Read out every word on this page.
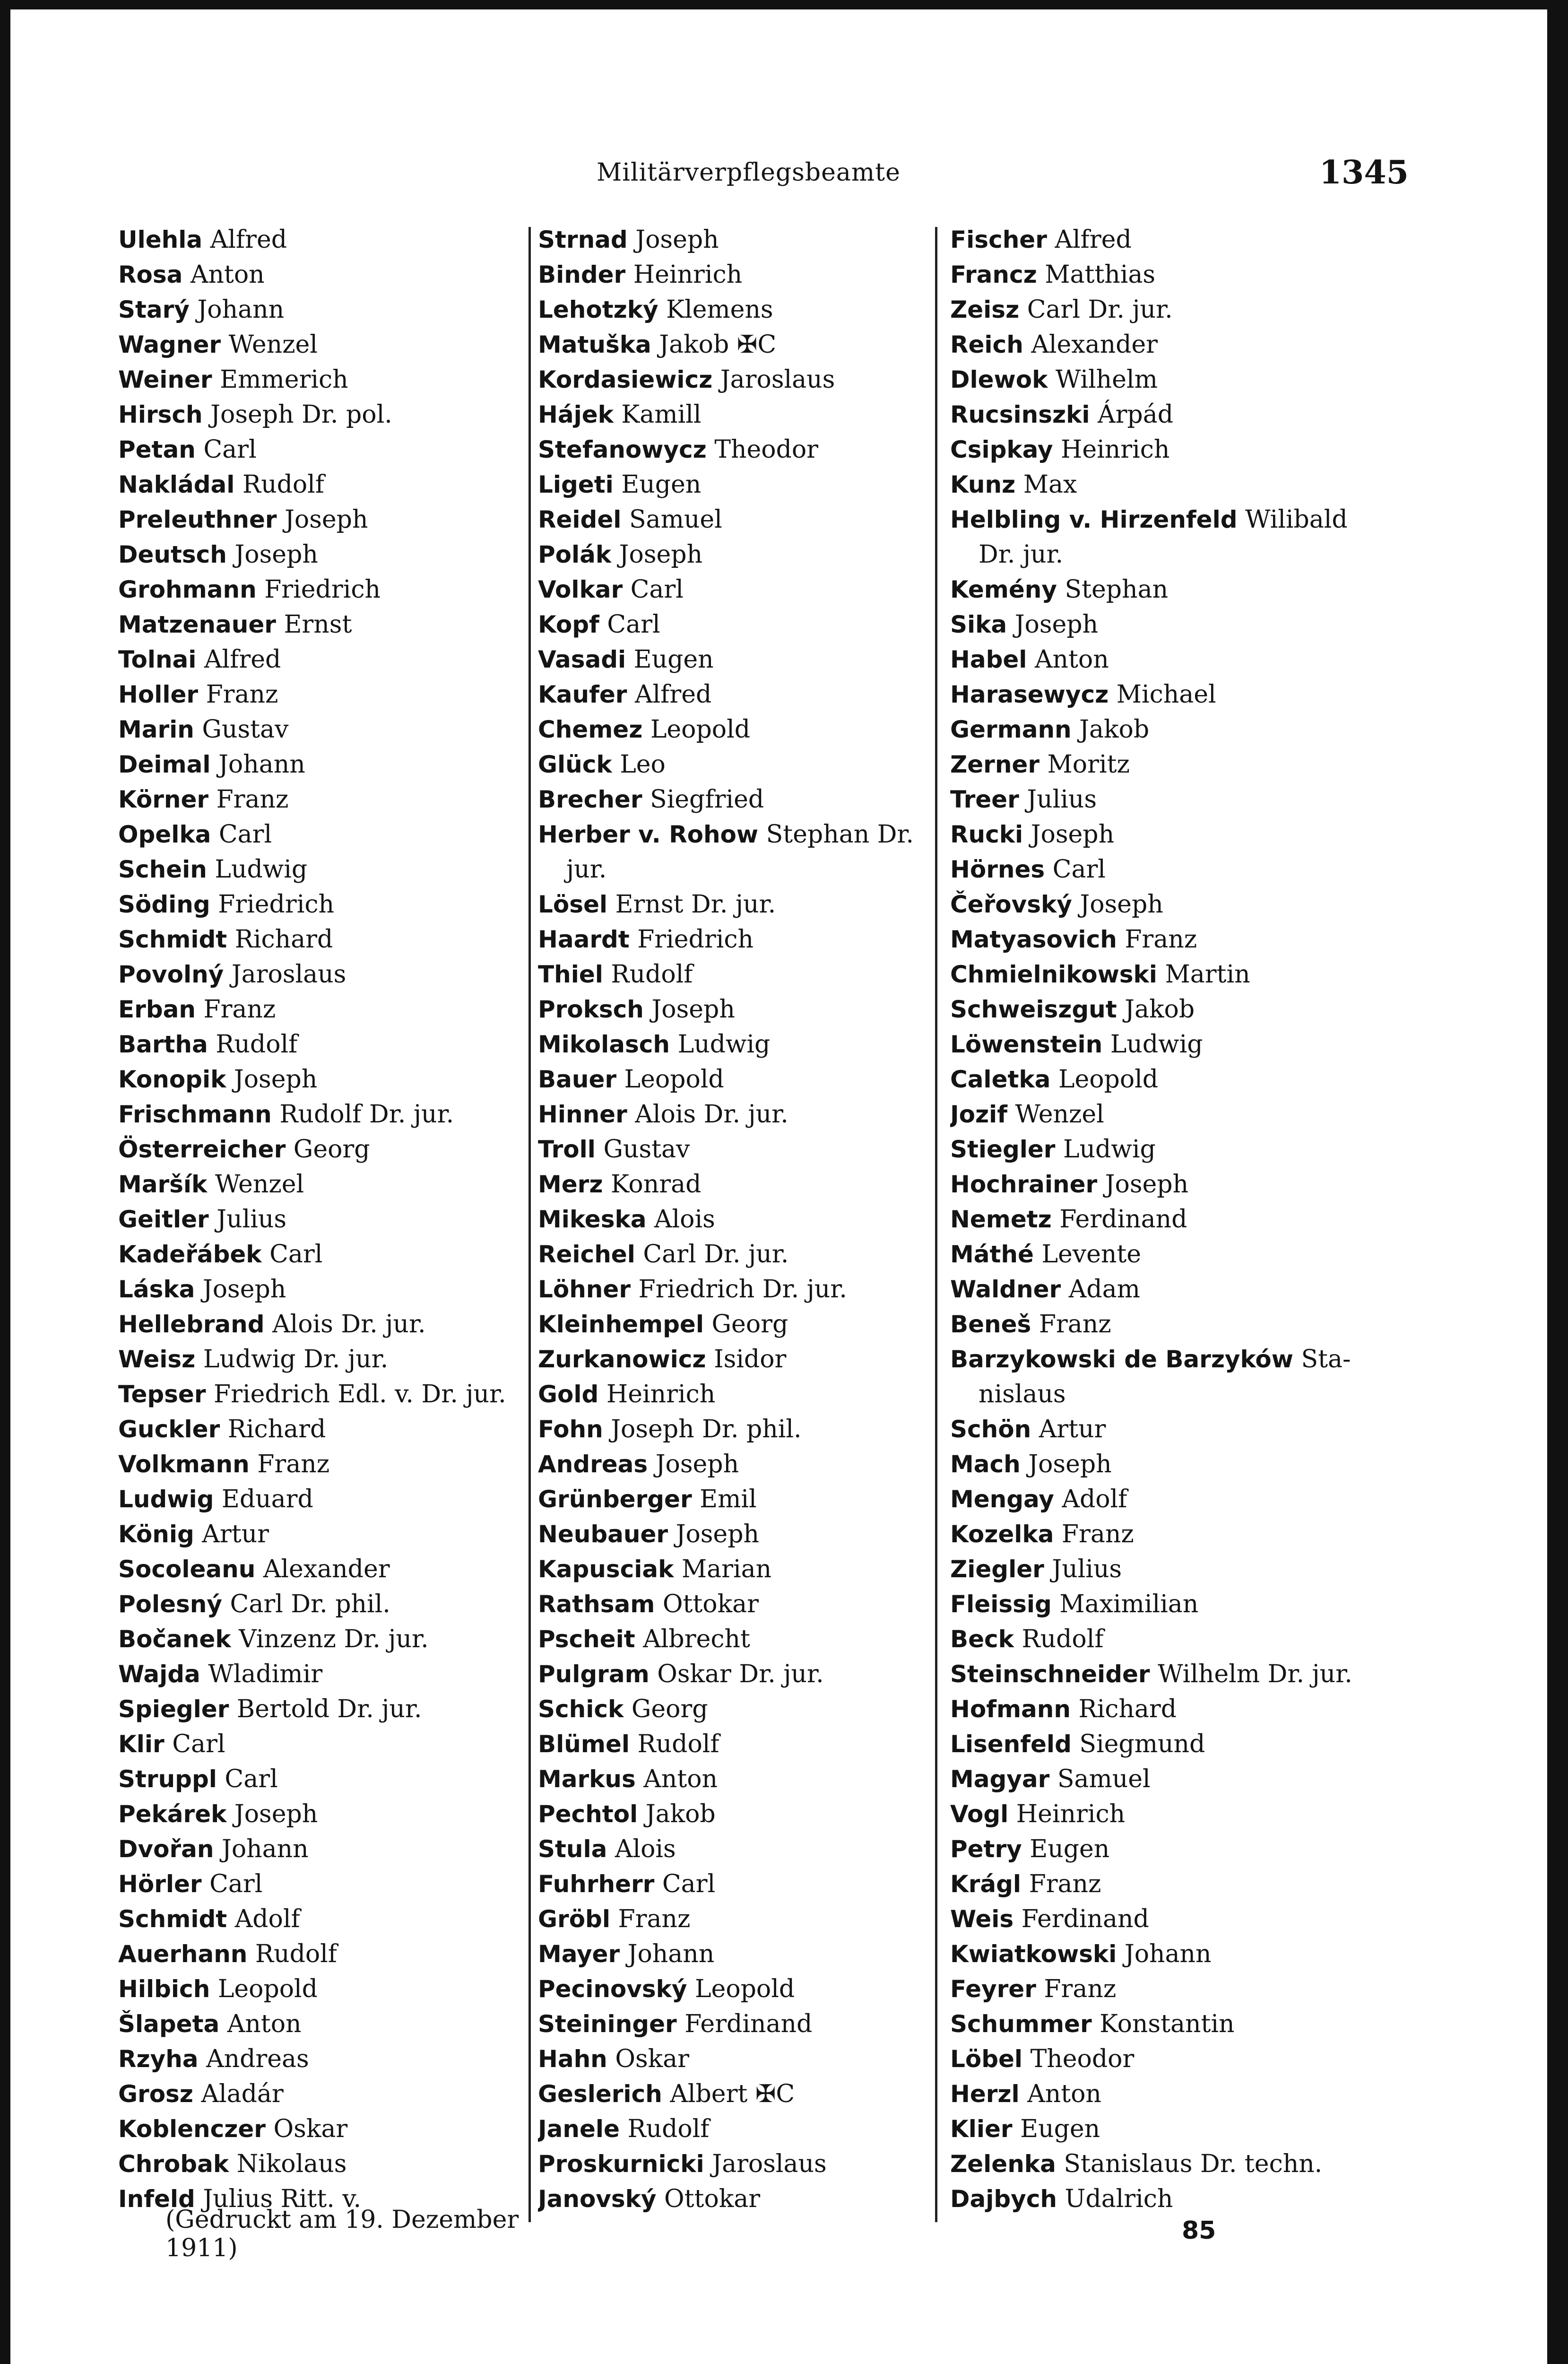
Militärverpflegsbeamte	1345
Ulehla Alfred
Rosa Anton
Starý Johann
Wagner Wenzel
Weiner Emmerich
Hirsch Joseph Dr. pol.
Petan Carl
Nakládal Rudolf
Preleuthner Joseph
Deutsch Joseph
Grohmann Friedrich
Matzenauer Ernst
Tolnai Alfred
Holler Franz
Marin Gustav
Deimal Johann
Körner Franz
Opelka Carl
Schein Ludwig
Söding Friedrich
Schmidt Richard
Povolný Jaroslaus
Erban Franz
Bartha Rudolf
Konopik Joseph
Frischmann Rudolf Dr. jur.
Österreicher Georg
Maršík Wenzel
Geitler Julius
Kadeřábek Carl
Láska Joseph
Hellebrand Alois Dr. jur.
Weisz Ludwig Dr. jur.
Tepser Friedrich Edl. v. Dr. jur.
Guckler Richard
Volkmann Franz
Ludwig Eduard
König Artur
Socoleanu Alexander
Polesný Carl Dr. phil.
Bočanek Vinzenz Dr. jur.
Wajda Wladimir
Spiegler Bertold Dr. jur.
Klir Carl
Struppl Carl
Pekárek Joseph
Dvořan Johann
Hörler Carl
Schmidt Adolf
Auerhann Rudolf
Hilbich Leopold
Šlapeta Anton
Rzyha Andreas
Grosz Aladár
Koblenczer Oskar
Chrobak Nikolaus
Infeld Julius Ritt. v.
Strnad Joseph
Binder Heinrich
Lehotzký Klemens
Matuška Jakob ✠C
Kordasiewicz Jaroslaus
Hájek Kamill
Stefanowycz Theodor
Ligeti Eugen
Reidel Samuel
Polák Joseph
Volkar Carl
Kopf Carl
Vasadi Eugen
Kaufer Alfred
Chemez Leopold
Glück Leo
Brecher Siegfried
Herber v. Rohow Stephan Dr.
jur.
Lösel Ernst Dr. jur.
Haardt Friedrich
Thiel Rudolf
Proksch Joseph
Mikolasch Ludwig
Bauer Leopold
Hinner Alois Dr. jur.
Troll Gustav
Merz Konrad
Mikeska Alois
Reichel Carl Dr. jur.
Löhner Friedrich Dr. jur.
Kleinhempel Georg
Zurkanowicz Isidor
Gold Heinrich
Fohn Joseph Dr. phil.
Andreas Joseph
Grünberger Emil
Neubauer Joseph
Kapusciak Marian
Rathsam Ottokar
Pscheit Albrecht
Pulgram Oskar Dr. jur.
Schick Georg
Blümel Rudolf
Markus Anton
Pechtol Jakob
Stula Alois
Fuhrherr Carl
Gröbl Franz
Mayer Johann
Pecinovský Leopold
Steininger Ferdinand
Hahn Oskar
Geslerich Albert ✠C
Janele Rudolf
Proskurnicki Jaroslaus
Janovský Ottokar
Fischer Alfred
Francz Matthias
Zeisz Carl Dr. jur.
Reich Alexander
Dlewok Wilhelm
Rucsinszki Árpád
Csipkay Heinrich
Kunz Max
Helbling v. Hirzenfeld Wilibald
Dr. jur.
Kemény Stephan
Sika Joseph
Habel Anton
Harasewycz Michael
Germann Jakob
Zerner Moritz
Treer Julius
Rucki Joseph
Hörnes Carl
Čeřovský Joseph
Matyasovich Franz
Chmielnikowski Martin
Schweiszgut Jakob
Löwenstein Ludwig
Caletka Leopold
Jozif Wenzel
Stiegler Ludwig
Hochrainer Joseph
Nemetz Ferdinand
Máthé Levente
Waldner Adam
Beneš Franz
Barzykowski de Barzyków Sta-
nislaus
Schön Artur
Mach Joseph
Mengay Adolf
Kozelka Franz
Ziegler Julius
Fleissig Maximilian
Beck Rudolf
Steinschneider Wilhelm Dr. jur.
Hofmann Richard
Lisenfeld Siegmund
Magyar Samuel
Vogl Heinrich
Petry Eugen
Krágl Franz
Weis Ferdinand
Kwiatkowski Johann
Feyrer Franz
Schummer Konstantin
Löbel Theodor
Herzl Anton
Klier Eugen
Zelenka Stanislaus Dr. techn.
Dajbych Udalrich
(Gedruckt am 19. Dezember 1911)
85
